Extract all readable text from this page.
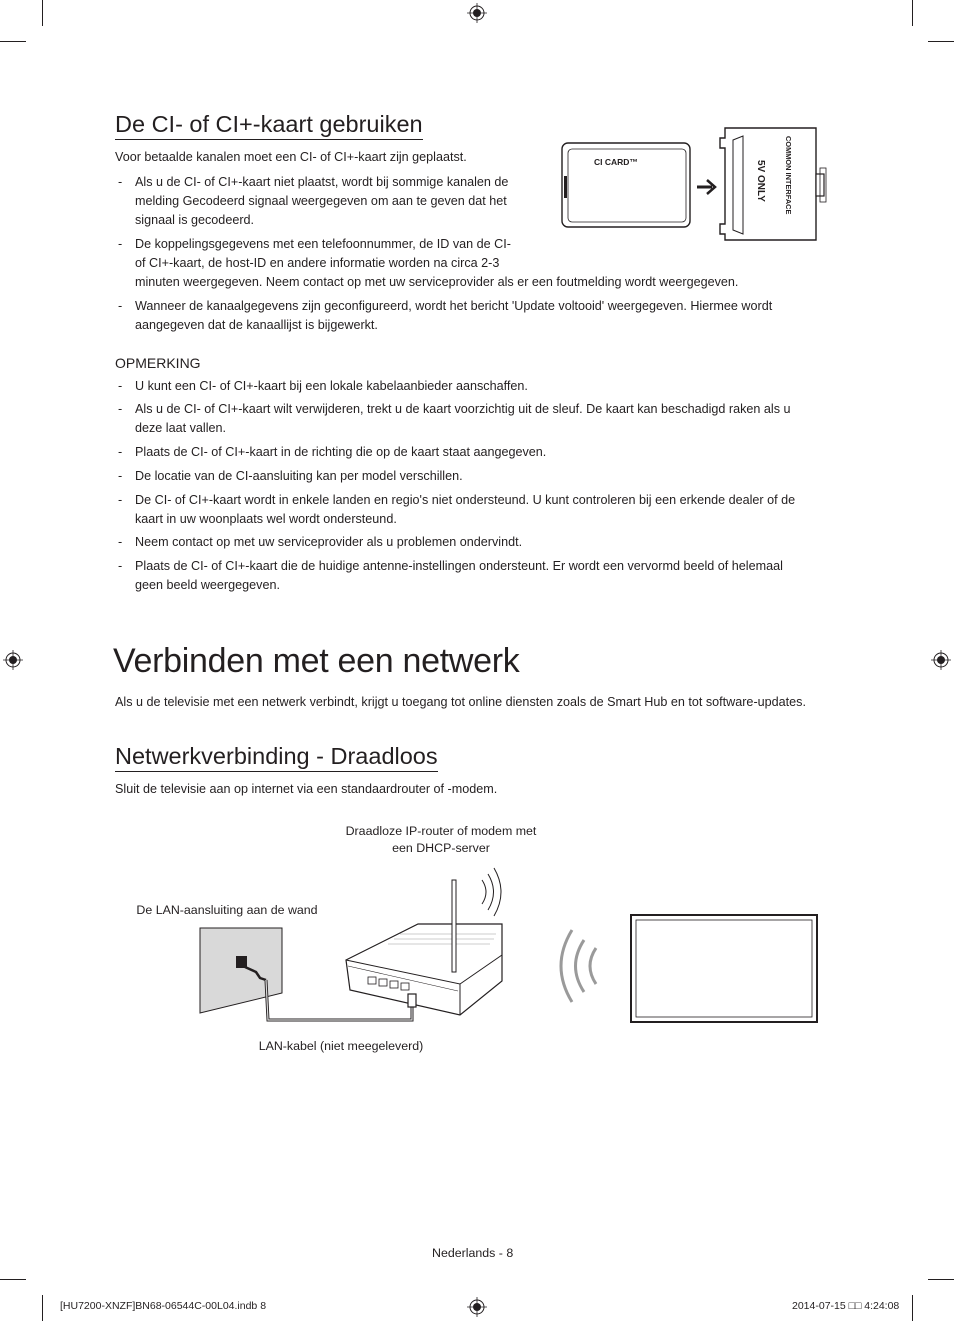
De CI- of CI+-kaart gebruiken

Voor betaalde kanalen moet een CI- of CI+-kaart zijn geplaatst.

- Als u de CI- of CI+-kaart niet plaatst, wordt bij sommige kanalen de
melding Gecodeerd signaal weergegeven om aan te geven dat het
signaal is gecodeerd.
- De koppelingsgegevens met een telefoonnummer, de ID van de CI-
of CI+-kaart, de host-ID en andere informatie worden na circa 2-3
minuten weergegeven. Neem contact op met uw serviceprovider als er een foutmelding wordt weergegeven.
- Wanneer de kanaalgegevens zijn geconfigureerd, wordt het bericht 'Update voltooid' weergegeven. Hiermee wordt
aangegeven dat de kanaallijst is bijgewerkt.
CI CARD™	COMMON INTERFACE
5V ONLY
OPMERKING
- U kunt een CI- of CI+-kaart bij een lokale kabelaanbieder aanschaffen.
- Als u de CI- of CI+-kaart wilt verwijderen, trekt u de kaart voorzichtig uit de sleuf. De kaart kan beschadigd raken als u
deze laat vallen.
- Plaats de CI- of CI+-kaart in de richting die op de kaart staat aangegeven.
- De locatie van de CI-aansluiting kan per model verschillen.
- De CI- of CI+-kaart wordt in enkele landen en regio's niet ondersteund. U kunt controleren bij een erkende dealer of de
kaart in uw woonplaats wel wordt ondersteund.
- Neem contact op met uw serviceprovider als u problemen ondervindt.
- Plaats de CI- of CI+-kaart die de huidige antenne-instellingen ondersteunt. Er wordt een vervormd beeld of helemaal
geen beeld weergegeven.
Verbinden met een netwerk

Als u de televisie met een netwerk verbindt, krijgt u toegang tot online diensten zoals de Smart Hub en tot software-updates.

Netwerkverbinding - Draadloos

Sluit de televisie aan op internet via een standaardrouter of -modem.

Draadloze IP-router of modem met
een DHCP-server
De LAN-aansluiting aan de wand
LAN-kabel (niet meegeleverd)
Nederlands - 8
[HU7200-XNZF]BN68-06544C-00L04.indb 8	2014-07-15 □□ 4:24:08
